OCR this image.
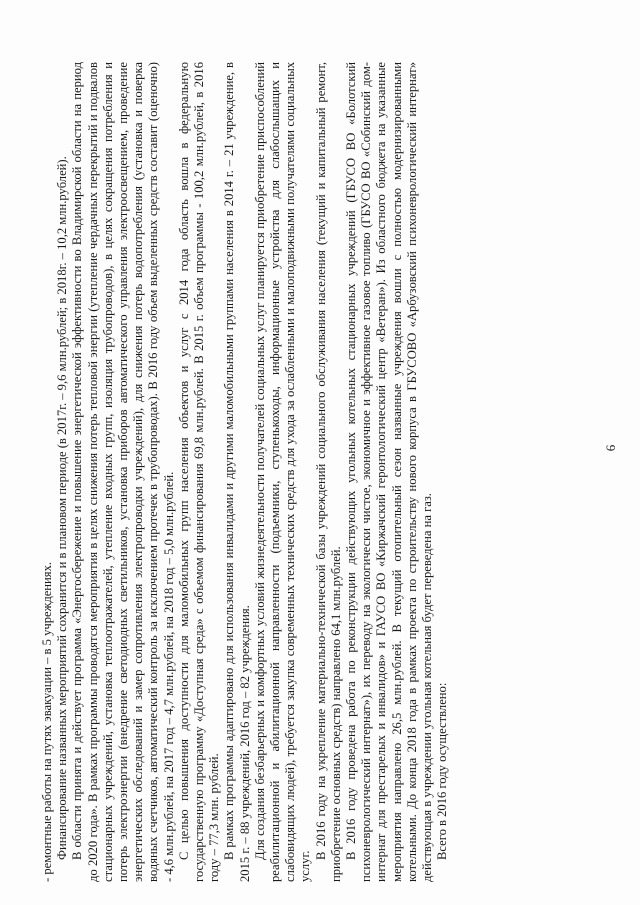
- ремонтные работы на путях эвакуации – в 5 учреждениях. Финансирование названных мероприятий сохранится и в плановом периоде (в 2017г. – 9,6 млн.рублей; в 2018г. – 10,2 млн.рублей). В области принята и действует программа «Энергосбережение и повышение энергетической эффективности во Владимирской области на период до 2020 года». В рамках программы проводятся мероприятия в целях снижения потерь тепловой энергии (утепление чердачных перекрытий и подвалов стационарных учреждений, установка теплоотражателей, утепление входных групп, изоляция трубопроводов), в целях сокращения потребления и потерь электроэнергии (внедрение светодиодных светильников, установка приборов автоматического управления электроосвещением, проведение энергетических обследований и замер сопротивления электропроводки учреждений), для снижения потерь водопотребления (установка и поверка водяных счетчиков, автоматический контроль за исключением протечек в трубопроводах). В 2016 году объем выделенных средств составит (оценочно) - 4,6 млн.рублей, на 2017 год – 4,7 млн.рублей, на 2018 год – 5,0 млн.рублей. С целью повышения доступности для маломобильных групп населения объектов и услуг с 2014 года область вошла в федеральную государственную программу «Доступная среда» с объемом финансирования 69,8 млн.рублей. В 2015 г. объем программы - 100,2 млн.рублей, в 2016 году – 77,3 млн. рублей. В рамках программы адаптировано для использования инвалидами и другими маломобильными группами населения в 2014 г. – 21 учреждение, в 2015 г. – 88 учреждений, 2016 год – 82 учреждения. Для создания безбарьерных и комфортных условий жизнедеятельности получателей социальных услуг планируется приобретение приспособлений реабилитационной и абилитационной направленности (подъемники, ступенькоходы, информационные устройства для слабослышащих и слабовидящих людей), требуется закупка современных технических средств для ухода за ослабленными и малоподвижными получателями социальных услуг.

В 2016 году на укрепление материально-технической базы учреждений социального обслуживания населения (текущий и капитальный ремонт, приобретение основных средств) направлено 64,1 млн.рублей. В 2016 году проведена работа по реконструкции действующих угольных котельных стационарных учреждений (ГБУСО ВО «Болотский психоневрологический интернат»), их переводу на экологически чистое, экономичное и эффективное газовое топливо (ГБУСО ВО «Собинский дом-интернат для престарелых и инвалидов» и ГАУСО ВО «Киржачский геронтологический центр «Ветеран»). Из областного бюджета на указанные мероприятия направлено 26,5 млн.рублей. В текущий отопительный сезон названные учреждения вошли с полностью модернизированными котельными. До конца 2018 года в рамках проекта по строительству нового корпуса в ГБУСОВО «Арбузовский психоневрологический интернат» действующая в учреждении угольная котельная будет переведена на газ. Всего в 2016 году осуществлено:

6
